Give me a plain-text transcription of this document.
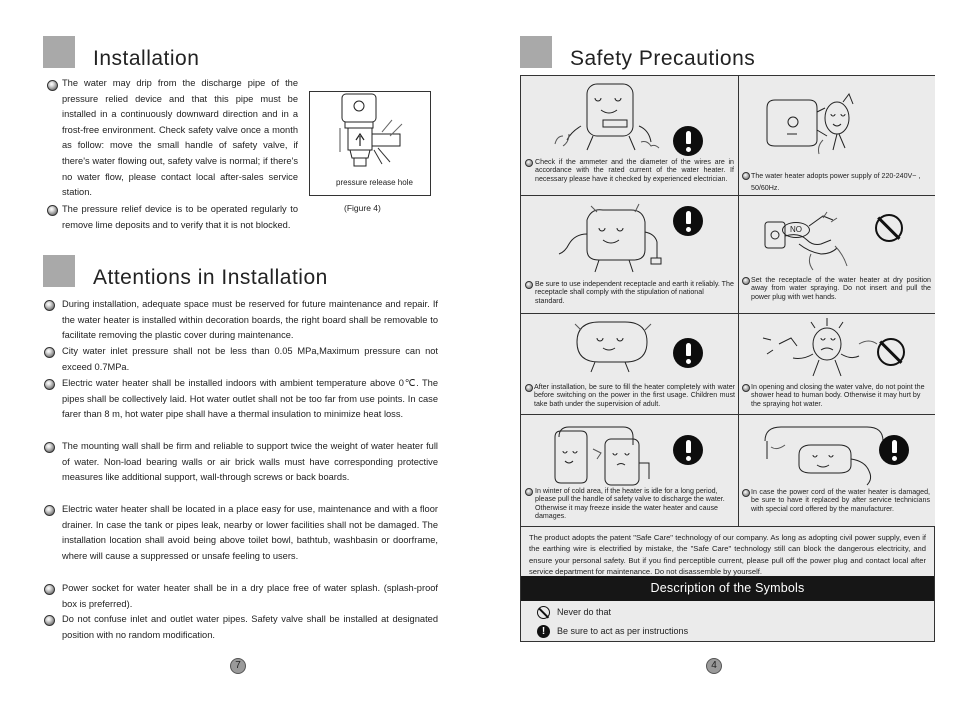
Installation
The water may drip from the discharge pipe of the pressure relied device and that this pipe must be installed in a continuously downward direction and in a frost-free environment. Check safety valve once a month as follow: move the small handle of safety valve, if there's water flowing out, safety valve is normal; if there's no water flow, please contact local after-sales service station.
The pressure relief device is to be operated regularly to remove lime deposits and to verify that it is not blocked.
pressure release hole
(Figure 4)
Attentions in Installation
During installation, adequate space must be reserved for future maintenance and repair. If the water heater is installed within decoration boards, the right board shall be removable to facilitate removing the plastic cover during maintenance.
City water inlet pressure shall not be less than 0.05 MPa,Maximum pressure can not exceed 0.7MPa.
Electric water heater shall be installed indoors with ambient temperature above 0℃. The pipes shall be collectively laid. Hot water outlet shall not be too far from use points. In case farer than 8 m, hot water pipe shall have a thermal insulation to minimize heat loss.
The mounting wall shall be firm and reliable to support twice the weight of water heater full of water. Non-load bearing walls or air brick walls must have corresponding protective measures like additional support, wall-through screws or back boards.
Electric water heater shall be located in a place easy for use, maintenance and with a floor drainer. In case the tank or pipes leak, nearby or lower facilities shall not be damaged. The installation location shall avoid being above toilet bowl, bathtub, washbasin or doorframe, where will cause a suppressed or unsafe feeling to users.
Power socket for water heater shall be in a dry place free of water splash. (splash-proof box is preferred).
Do not confuse inlet and outlet water pipes. Safety valve shall be installed at designated position with no random modification.
7
Safety Precautions
Check if the ammeter and the diameter of the wires are in accordance with the rated current of the water heater. If necessary please have it checked by experienced electrician.	The water heater adopts power supply of 220-240V~ , 50/60Hz.
Be sure to use independent receptacle and earth it reliably. The receptacle shall comply with the stipulation of national standard.
NO
Set the receptacle of the water heater at dry position away from water spraying. Do not insert and pull the power plug with wet hands.
After installation, be sure to fill the heater completely with water before switching on the power in the first usage. Children must take bath under the supervision of adult.
In opening and closing the water valve, do not point the shower head to human body. Otherwise it may hurt by the spraying hot water.
In winter of cold area, if the heater is idle for a long period, please pull the handle of safety valve to discharge the water. Otherwise it may freeze inside the water heater and cause damages.
In case the power cord of the water heater is damaged, be sure to have it replaced by after service technicians with special cord offered by the manufacturer.
The product adopts the patent "Safe Care" technology of our company. As long as adopting civil power supply, even if the earthing wire is electrified by mistake, the "Safe Care" technology still can block the dangerous electricity, and ensure your personal safety. But if you find perceptible current, please pull off the power plug and contact local after service department for maintenance. Do not disassemble by yourself.
Description of the Symbols
Never do that
!	Be sure to act as per instructions
4
